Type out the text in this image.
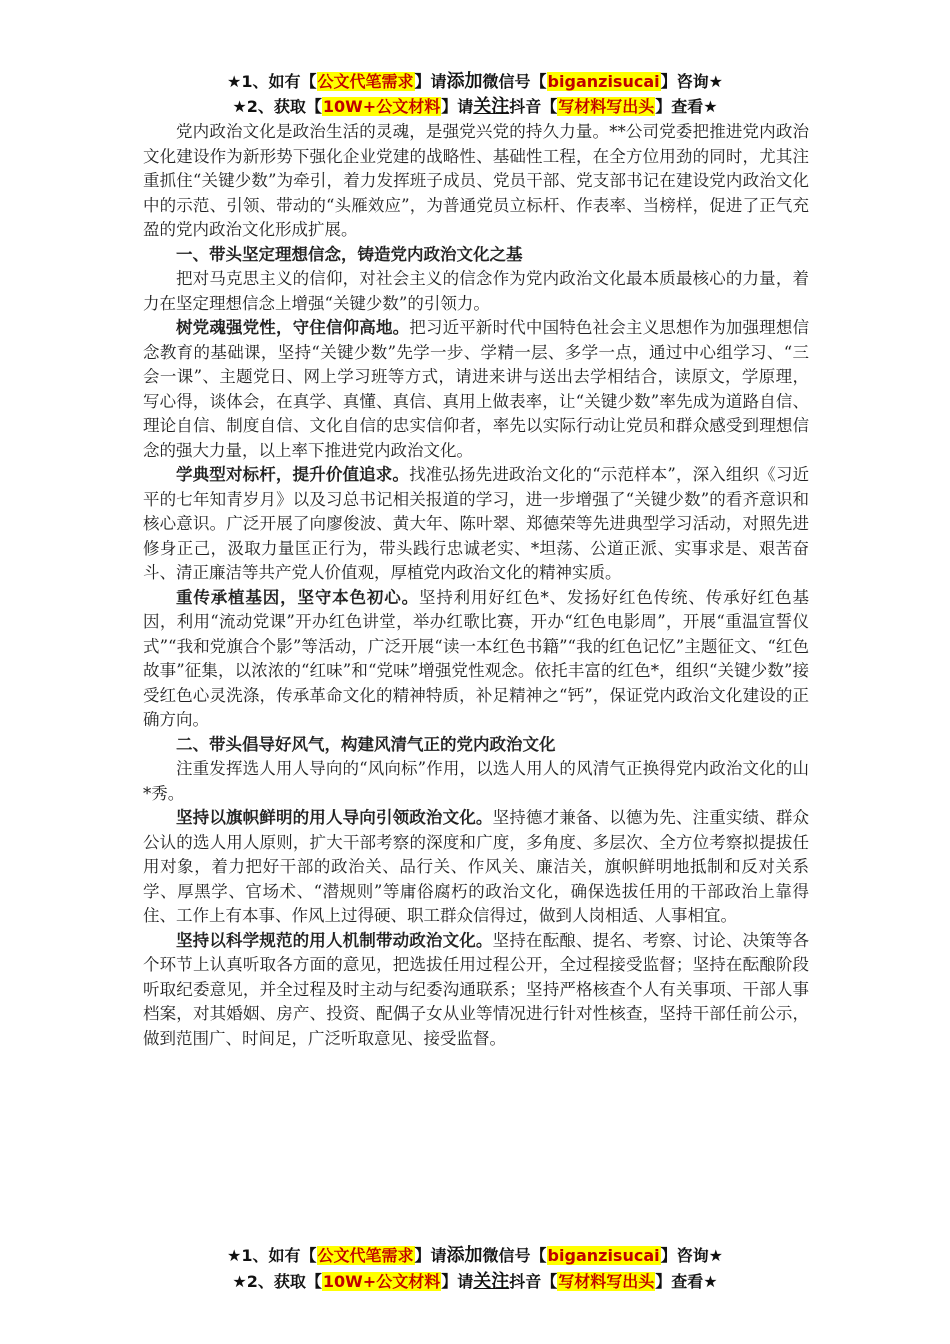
★1、如有【公文代笔需求】请添加微信号【biganzisucai】咨询★
★2、获取【10W+公文材料】请关注抖音【写材料写出头】查看★

党内政治文化是政治生活的灵魂，是强党兴党的持久力量。**公司党委把推进党内政治文化建设作为新形势下强化企业党建的战略性、基础性工程，在全方位用劲的同时，尤其注重抓住“关键少数”为牵引，着力发挥班子成员、党员干部、党支部书记在建设党内政治文化中的示范、引领、带动的“头雁效应”，为普通党员立标杆、作表率、当榜样，促进了正气充盈的党内政治文化形成扩展。

一、带头坚定理想信念，铸造党内政治文化之基

把对马克思主义的信仰，对社会主义的信念作为党内政治文化最本质最核心的力量，着力在坚定理想信念上增强“关键少数”的引领力。

树党魂强党性，守住信仰高地。把习近平新时代中国特色社会主义思想作为加强理想信念教育的基础课，坚持“关键少数”先学一步、学精一层、多学一点，通过中心组学习、“三会一课”、主题党日、网上学习班等方式，请进来讲与送出去学相结合，读原文，学原理，写心得，谈体会，在真学、真懂、真信、真用上做表率，让“关键少数”率先成为道路自信、理论自信、制度自信、文化自信的忠实信仰者，率先以实际行动让党员和群众感受到理想信念的强大力量，以上率下推进党内政治文化。

学典型对标杆，提升价值追求。找准弘扬先进政治文化的“示范样本”，深入组织《习近平的七年知青岁月》以及习总书记相关报道的学习，进一步增强了“关键少数”的看齐意识和核心意识。广泛开展了向廖俊波、黄大年、陈叶翠、郑德荣等先进典型学习活动，对照先进修身正己，汲取力量匡正行为，带头践行忠诚老实、*坦荡、公道正派、实事求是、艰苦奋斗、清正廉洁等共产党人价值观，厚植党内政治文化的精神实质。

重传承植基因，坚守本色初心。坚持利用好红色*、发扬好红色传统、传承好红色基因，利用“流动党课”开办红色讲堂，举办红歌比赛，开办“红色电影周”，开展“重温宣誓仪式”“我和党旗合个影”等活动，广泛开展“读一本红色书籍”“我的红色记忆”主题征文、“红色故事”征集，以浓浓的“红味”和“党味”增强党性观念。依托丰富的红色*，组织“关键少数”接受红色心灵洗涤，传承革命文化的精神特质，补足精神之“钙”，保证党内政治文化建设的正确方向。

二、带头倡导好风气，构建风清气正的党内政治文化

注重发挥选人用人导向的“风向标”作用，以选人用人的风清气正换得党内政治文化的山*秀。

坚持以旗帜鲜明的用人导向引领政治文化。坚持德才兼备、以德为先、注重实绩、群众公认的选人用人原则，扩大干部考察的深度和广度，多角度、多层次、全方位考察拟提拔任用对象，着力把好干部的政治关、品行关、作风关、廉洁关，旗帜鲜明地抵制和反对关系学、厚黑学、官场术、“潜规则”等庸俗腐朽的政治文化，确保选拔任用的干部政治上靠得住、工作上有本事、作风上过得硬、职工群众信得过，做到人岗相适、人事相宜。

坚持以科学规范的用人机制带动政治文化。坚持在酝酿、提名、考察、讨论、决策等各个环节上认真听取各方面的意见，把选拔任用过程公开，全过程接受监督；坚持在酝酿阶段听取纪委意见，并全过程及时主动与纪委沟通联系；坚持严格核查个人有关事项、干部人事档案，对其婚姻、房产、投资、配偶子女从业等情况进行针对性核查，坚持干部任前公示，做到范围广、时间足，广泛听取意见、接受监督。

★1、如有【公文代笔需求】请添加微信号【biganzisucai】咨询★
★2、获取【10W+公文材料】请关注抖音【写材料写出头】查看★
